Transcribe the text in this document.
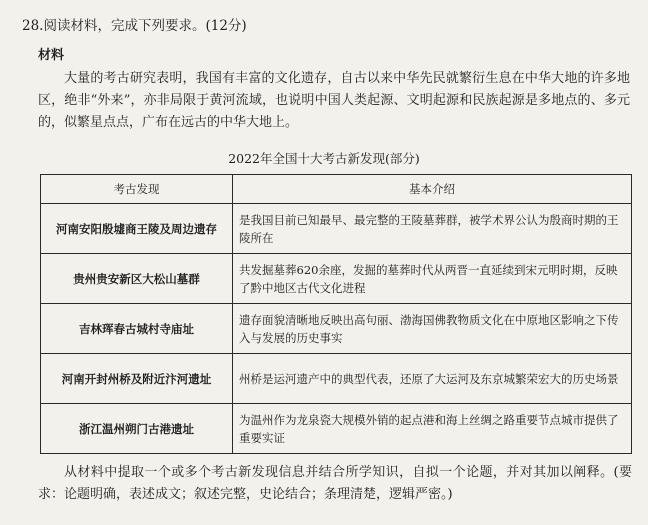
28.阅读材料，完成下列要求。(12分)
材料
大量的考古研究表明，我国有丰富的文化遗存，自古以来中华先民就繁衍生息在中华大地的许多地区，绝非“外来”，亦非局限于黄河流域，也说明中国人类起源、文明起源和民族起源是多地点的、多元的，似繁星点点，广布在远古的中华大地上。
2022年全国十大考古新发现(部分)
考古发现	基本介绍
河南安阳殷墟商王陵及周边遗存	是我国目前已知最早、最完整的王陵墓葬群，被学术界公认为殷商时期的王陵所在
贵州贵安新区大松山墓群	共发掘墓葬620余座，发掘的墓葬时代从两晋一直延续到宋元明时期，反映了黔中地区古代文化进程
吉林珲春古城村寺庙址	遗存面貌清晰地反映出高句丽、渤海国佛教物质文化在中原地区影响之下传入与发展的历史事实
河南开封州桥及附近汴河遗址	州桥是运河遗产中的典型代表，还原了大运河及东京城繁荣宏大的历史场景
浙江温州朔门古港遗址	为温州作为龙泉瓷大规模外销的起点港和海上丝绸之路重要节点城市提供了重要实证
从材料中提取一个或多个考古新发现信息并结合所学知识，自拟一个论题，并对其加以阐释。(要求：论题明确，表述成文；叙述完整，史论结合；条理清楚，逻辑严密。)
